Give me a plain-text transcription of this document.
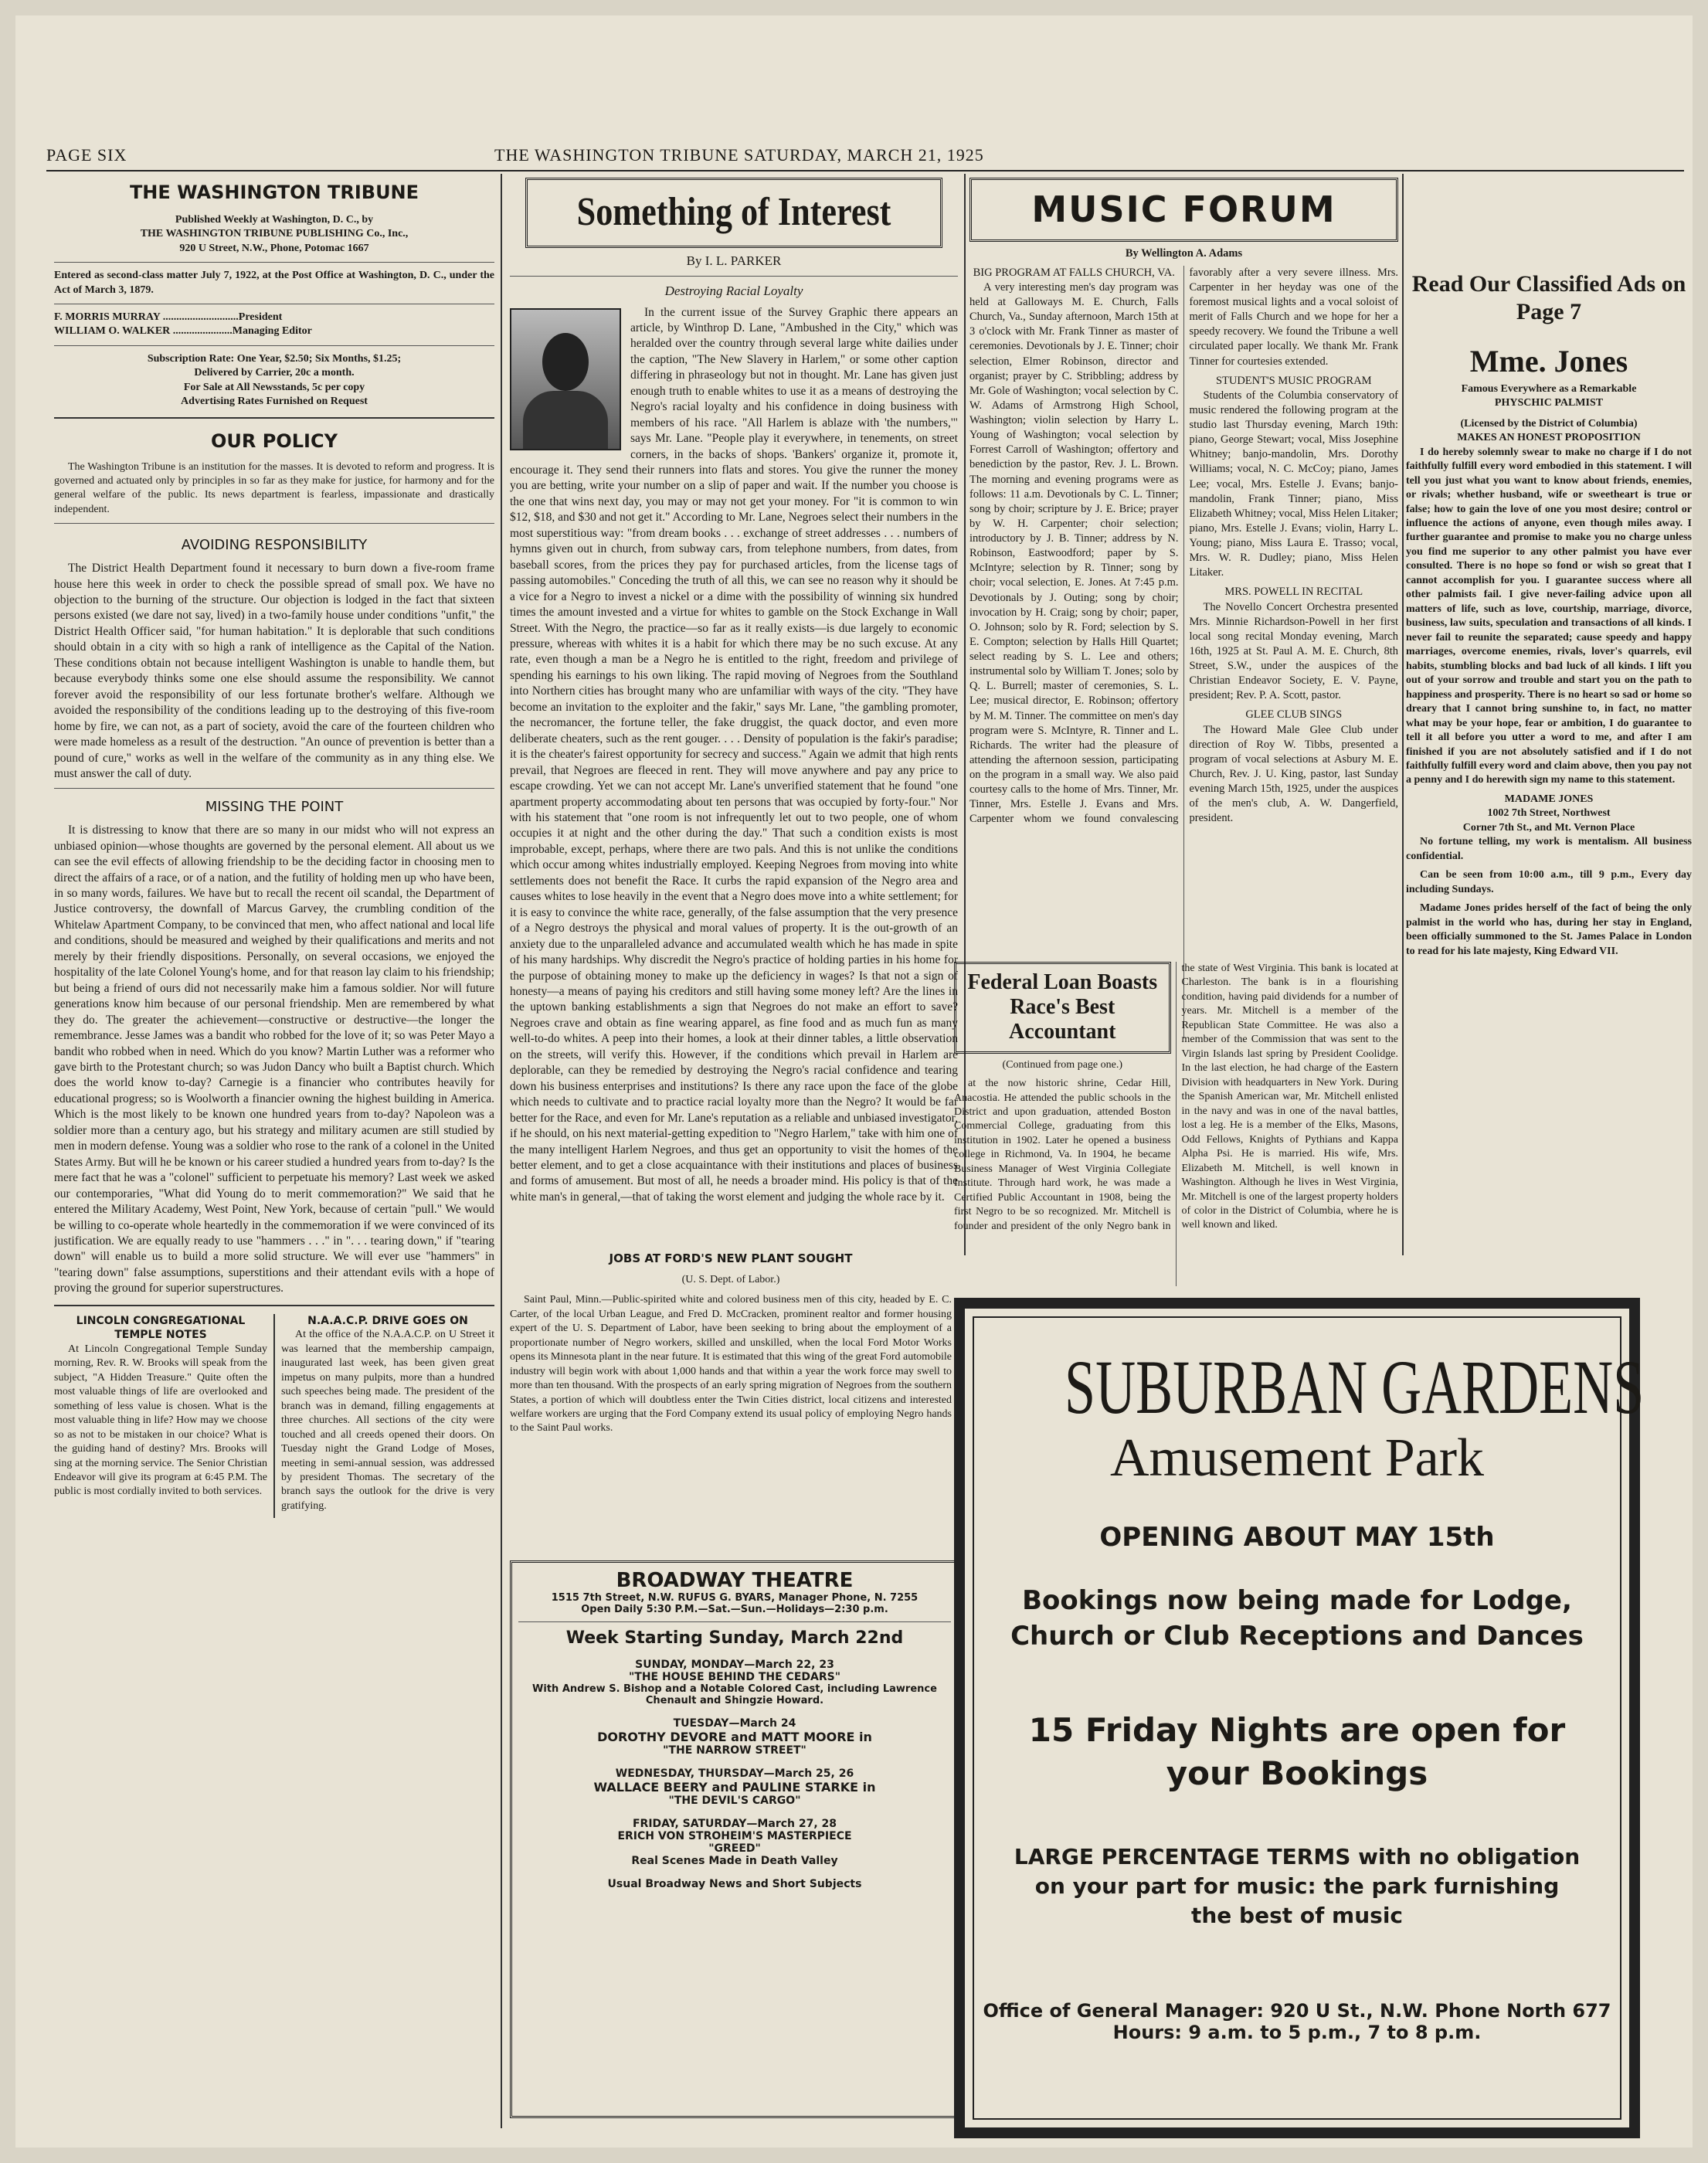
PAGE SIX	THE WASHINGTON TRIBUNE SATURDAY, MARCH 21, 1925
THE WASHINGTON TRIBUNE
Published Weekly at Washington, D. C., by
THE WASHINGTON TRIBUNE PUBLISHING Co., Inc.,
920 U Street, N.W., Phone, Potomac 1667
Entered as second-class matter July 7, 1922, at the Post Office at Washington, D. C., under the Act of March 3, 1879.
F. MORRIS MURRAY ............................President
WILLIAM O. WALKER ......................Managing Editor
Subscription Rate: One Year, $2.50; Six Months, $1.25;
Delivered by Carrier, 20c a month.
For Sale at All Newsstands, 5c per copy
Advertising Rates Furnished on Request
OUR POLICY

The Washington Tribune is an institution for the masses. It is devoted to reform and progress. It is governed and actuated only by principles in so far as they make for justice, for harmony and for the general welfare of the public. Its news department is fearless, impassionate and drastically independent.

AVOIDING RESPONSIBILITY

The District Health Department found it necessary to burn down a five-room frame house here this week in order to check the possible spread of small pox. We have no objection to the burning of the structure. Our objection is lodged in the fact that sixteen persons existed (we dare not say, lived) in a two-family house under conditions "unfit," the District Health Officer said, "for human habitation." It is deplorable that such conditions should obtain in a city with so high a rank of intelligence as the Capital of the Nation. These conditions obtain not because intelligent Washington is unable to handle them, but because everybody thinks some one else should assume the responsibility. We cannot forever avoid the responsibility of our less fortunate brother's welfare. Although we avoided the responsibility of the conditions leading up to the destroying of this five-room home by fire, we can not, as a part of society, avoid the care of the fourteen children who were made homeless as a result of the destruction. "An ounce of prevention is better than a pound of cure," works as well in the welfare of the community as in any thing else. We must answer the call of duty.

MISSING THE POINT

It is distressing to know that there are so many in our midst who will not express an unbiased opinion—whose thoughts are governed by the personal element. All about us we can see the evil effects of allowing friendship to be the deciding factor in choosing men to direct the affairs of a race, or of a nation, and the futility of holding men up who have been, in so many words, failures. We have but to recall the recent oil scandal, the Department of Justice controversy, the downfall of Marcus Garvey, the crumbling condition of the Whitelaw Apartment Company, to be convinced that men, who affect national and local life and conditions, should be measured and weighed by their qualifications and merits and not merely by their friendly dispositions. Personally, on several occasions, we enjoyed the hospitality of the late Colonel Young's home, and for that reason lay claim to his friendship; but being a friend of ours did not necessarily make him a famous soldier. Nor will future generations know him because of our personal friendship. Men are remembered by what they do. The greater the achievement—constructive or destructive—the longer the remembrance. Jesse James was a bandit who robbed for the love of it; so was Peter Mayo a bandit who robbed when in need. Which do you know? Martin Luther was a reformer who gave birth to the Protestant church; so was Judon Dancy who built a Baptist church. Which does the world know to-day? Carnegie is a financier who contributes heavily for educational progress; so is Woolworth a financier owning the highest building in America. Which is the most likely to be known one hundred years from to-day? Napoleon was a soldier more than a century ago, but his strategy and military acumen are still studied by men in modern defense. Young was a soldier who rose to the rank of a colonel in the United States Army. But will he be known or his career studied a hundred years from to-day? Is the mere fact that he was a "colonel" sufficient to perpetuate his memory? Last week we asked our contemporaries, "What did Young do to merit commemoration?" We said that he entered the Military Academy, West Point, New York, because of certain "pull." We would be willing to co-operate whole heartedly in the commemoration if we were convinced of its justification. We are equally ready to use "hammers . . ." in ". . . tearing down," if "tearing down" will enable us to build a more solid structure. We will ever use "hammers" in "tearing down" false assumptions, superstitions and their attendant evils with a hope of proving the ground for superior superstructures.

LINCOLN CONGREGATIONAL TEMPLE NOTES

At Lincoln Congregational Temple Sunday morning, Rev. R. W. Brooks will speak from the subject, "A Hidden Treasure." Quite often the most valuable things of life are overlooked and something of less value is chosen. What is the most valuable thing in life? How may we choose so as not to be mistaken in our choice? What is the guiding hand of destiny? Mrs. Brooks will sing at the morning service. The Senior Christian Endeavor will give its program at 6:45 P.M. The public is most cordially invited to both services.

N.A.A.C.P. DRIVE GOES ON

At the office of the N.A.A.C.P. on U Street it was learned that the membership campaign, inaugurated last week, has been given great impetus on many pulpits, more than a hundred such speeches being made. The president of the branch was in demand, filling engagements at three churches. All sections of the city were touched and all creeds opened their doors. On Tuesday night the Grand Lodge of Moses, meeting in semi-annual session, was addressed by president Thomas. The secretary of the branch says the outlook for the drive is very gratifying.

Something of Interest
By I. L. PARKER
Destroying Racial Loyalty

In the current issue of the Survey Graphic there appears an article, by Winthrop D. Lane, "Ambushed in the City," which was heralded over the country through several large white dailies under the caption, "The New Slavery in Harlem," or some other caption differing in phraseology but not in thought. Mr. Lane has given just enough truth to enable whites to use it as a means of destroying the Negro's racial loyalty and his confidence in doing business with members of his race. "All Harlem is ablaze with 'the numbers,'" says Mr. Lane. "People play it everywhere, in tenements, on street corners, in the backs of shops. 'Bankers' organize it, promote it, encourage it. They send their runners into flats and stores. You give the runner the money you are betting, write your number on a slip of paper and wait. If the number you choose is the one that wins next day, you may or may not get your money. For "it is common to win $12, $18, and $30 and not get it." According to Mr. Lane, Negroes select their numbers in the most superstitious way: "from dream books . . . exchange of street addresses . . . numbers of hymns given out in church, from subway cars, from telephone numbers, from dates, from baseball scores, from the prices they pay for purchased articles, from the license tags of passing automobiles." Conceding the truth of all this, we can see no reason why it should be a vice for a Negro to invest a nickel or a dime with the possibility of winning six hundred times the amount invested and a virtue for whites to gamble on the Stock Exchange in Wall Street. With the Negro, the practice—so far as it really exists—is due largely to economic pressure, whereas with whites it is a habit for which there may be no such excuse. At any rate, even though a man be a Negro he is entitled to the right, freedom and privilege of spending his earnings to his own liking. The rapid moving of Negroes from the Southland into Northern cities has brought many who are unfamiliar with ways of the city. "They have become an invitation to the exploiter and the fakir," says Mr. Lane, "the gambling promoter, the necromancer, the fortune teller, the fake druggist, the quack doctor, and even more deliberate cheaters, such as the rent gouger. . . . Density of population is the fakir's paradise; it is the cheater's fairest opportunity for secrecy and success." Again we admit that high rents prevail, that Negroes are fleeced in rent. They will move anywhere and pay any price to escape crowding. Yet we can not accept Mr. Lane's unverified statement that he found "one apartment property accommodating about ten persons that was occupied by forty-four." Nor with his statement that "one room is not infrequently let out to two people, one of whom occupies it at night and the other during the day." That such a condition exists is most improbable, except, perhaps, where there are two pals. And this is not unlike the conditions which occur among whites industrially employed. Keeping Negroes from moving into white settlements does not benefit the Race. It curbs the rapid expansion of the Negro area and causes whites to lose heavily in the event that a Negro does move into a white settlement; for it is easy to convince the white race, generally, of the false assumption that the very presence of a Negro destroys the physical and moral values of property. It is the out-growth of an anxiety due to the unparalleled advance and accumulated wealth which he has made in spite of his many hardships. Why discredit the Negro's practice of holding parties in his home for the purpose of obtaining money to make up the deficiency in wages? Is that not a sign of honesty—a means of paying his creditors and still having some money left? Are the lines in the uptown banking establishments a sign that Negroes do not make an effort to save? Negroes crave and obtain as fine wearing apparel, as fine food and as much fun as many well-to-do whites. A peep into their homes, a look at their dinner tables, a little observation on the streets, will verify this. However, if the conditions which prevail in Harlem are deplorable, can they be remedied by destroying the Negro's racial confidence and tearing down his business enterprises and institutions? Is there any race upon the face of the globe which needs to cultivate and to practice racial loyalty more than the Negro? It would be far better for the Race, and even for Mr. Lane's reputation as a reliable and unbiased investigator, if he should, on his next material-getting expedition to "Negro Harlem," take with him one of the many intelligent Harlem Negroes, and thus get an opportunity to visit the homes of the better element, and to get a close acquaintance with their institutions and places of business and forms of amusement. But most of all, he needs a broader mind. His policy is that of the white man's in general,—that of taking the worst element and judging the whole race by it.

JOBS AT FORD'S NEW PLANT SOUGHT
(U. S. Dept. of Labor.)

Saint Paul, Minn.—Public-spirited white and colored business men of this city, headed by E. C. Carter, of the local Urban League, and Fred D. McCracken, prominent realtor and former housing expert of the U. S. Department of Labor, have been seeking to bring about the employment of a proportionate number of Negro workers, skilled and unskilled, when the local Ford Motor Works opens its Minnesota plant in the near future. It is estimated that this wing of the great Ford automobile industry will begin work with about 1,000 hands and that within a year the work force may swell to more than ten thousand. With the prospects of an early spring migration of Negroes from the southern States, a portion of which will doubtless enter the Twin Cities district, local citizens and interested welfare workers are urging that the Ford Company extend its usual policy of employing Negro hands to the Saint Paul works.

BROADWAY THEATRE
1515 7th Street, N.W. RUFUS G. BYARS, Manager Phone, N. 7255
Open Daily 5:30 P.M.—Sat.—Sun.—Holidays—2:30 p.m.
Week Starting Sunday, March 22nd
SUNDAY, MONDAY—March 22, 23
"THE HOUSE BEHIND THE CEDARS"
With Andrew S. Bishop and a Notable Colored Cast, including Lawrence Chenault and Shingzie Howard.
TUESDAY—March 24
DOROTHY DEVORE and MATT MOORE in
"THE NARROW STREET"
WEDNESDAY, THURSDAY—March 25, 26
WALLACE BEERY and PAULINE STARKE in
"THE DEVIL'S CARGO"
FRIDAY, SATURDAY—March 27, 28
ERICH VON STROHEIM'S MASTERPIECE
"GREED"
Real Scenes Made in Death Valley
Usual Broadway News and Short Subjects
MUSIC FORUM
By Wellington A. Adams
BIG PROGRAM AT FALLS CHURCH, VA.

A very interesting men's day program was held at Galloways M. E. Church, Falls Church, Va., Sunday afternoon, March 15th at 3 o'clock with Mr. Frank Tinner as master of ceremonies. Devotionals by J. E. Tinner; choir selection, Elmer Robinson, director and organist; prayer by C. Stribbling; address by Mr. Gole of Washington; vocal selection by C. W. Adams of Armstrong High School, Washington; violin selection by Harry L. Young of Washington; vocal selection by Forrest Carroll of Washington; offertory and benediction by the pastor, Rev. J. L. Brown. The morning and evening programs were as follows: 11 a.m. Devotionals by C. L. Tinner; song by choir; scripture by J. E. Brice; prayer by W. H. Carpenter; choir selection; introductory by J. B. Tinner; address by N. Robinson, Eastwoodford; paper by S. McIntyre; selection by R. Tinner; song by choir; vocal selection, E. Jones. At 7:45 p.m. Devotionals by J. Outing; song by choir; invocation by H. Craig; song by choir; paper, O. Johnson; solo by R. Ford; selection by S. E. Compton; selection by Halls Hill Quartet; select reading by S. L. Lee and others; instrumental solo by William T. Jones; solo by Q. L. Burrell; master of ceremonies, S. L. Lee; musical director, E. Robinson; offertory by M. M. Tinner. The committee on men's day program were S. McIntyre, R. Tinner and L. Richards. The writer had the pleasure of attending the afternoon session, participating on the program in a small way. We also paid courtesy calls to the home of Mrs. Tinner, Mr. Tinner, Mrs. Estelle J. Evans and Mrs. Carpenter whom we found convalescing favorably after a very severe illness. Mrs. Carpenter in her heyday was one of the foremost musical lights and a vocal soloist of merit of Falls Church and we hope for her a speedy recovery. We found the Tribune a well circulated paper locally. We thank Mr. Frank Tinner for courtesies extended.

STUDENT'S MUSIC PROGRAM

Students of the Columbia conservatory of music rendered the following program at the studio last Thursday evening, March 19th: piano, George Stewart; vocal, Miss Josephine Whitney; banjo-mandolin, Mrs. Dorothy Williams; vocal, N. C. McCoy; piano, James Lee; vocal, Mrs. Estelle J. Evans; banjo-mandolin, Frank Tinner; piano, Miss Elizabeth Whitney; vocal, Miss Helen Litaker; piano, Mrs. Estelle J. Evans; violin, Harry L. Young; piano, Miss Laura E. Trasso; vocal, Mrs. W. R. Dudley; piano, Miss Helen Litaker.

MRS. POWELL IN RECITAL

The Novello Concert Orchestra presented Mrs. Minnie Richardson-Powell in her first local song recital Monday evening, March 16th, 1925 at St. Paul A. M. E. Church, 8th Street, S.W., under the auspices of the Christian Endeavor Society, E. V. Payne, president; Rev. P. A. Scott, pastor.

GLEE CLUB SINGS

The Howard Male Glee Club under direction of Roy W. Tibbs, presented a program of vocal selections at Asbury M. E. Church, Rev. J. U. King, pastor, last Sunday evening March 15th, 1925, under the auspices of the men's club, A. W. Dangerfield, president.

Federal Loan Boasts Race's Best Accountant
(Continued from page one.)

at the now historic shrine, Cedar Hill, Anacostia. He attended the public schools in the District and upon graduation, attended Boston Commercial College, graduating from this institution in 1902. Later he opened a business college in Richmond, Va. In 1904, he became Business Manager of West Virginia Collegiate Institute. Through hard work, he was made a Certified Public Accountant in 1908, being the first Negro to be so recognized. Mr. Mitchell is founder and president of the only Negro bank in the state of West Virginia. This bank is located at Charleston. The bank is in a flourishing condition, having paid dividends for a number of years. Mr. Mitchell is a member of the Republican State Committee. He was also a member of the Commission that was sent to the Virgin Islands last spring by President Coolidge. In the last election, he had charge of the Eastern Division with headquarters in New York. During the Spanish American war, Mr. Mitchell enlisted in the navy and was in one of the naval battles, lost a leg. He is a member of the Elks, Masons, Odd Fellows, Knights of Pythians and Kappa Alpha Psi. He is married. His wife, Mrs. Elizabeth M. Mitchell, is well known in Washington. Although he lives in West Virginia, Mr. Mitchell is one of the largest property holders of color in the District of Columbia, where he is well known and liked.

Read Our Classified Ads on Page 7
Mme. Jones
Famous Everywhere as a Remarkable
PHYSCHIC PALMIST
(Licensed by the District of Columbia)
MAKES AN HONEST PROPOSITION

I do hereby solemnly swear to make no charge if I do not faithfully fulfill every word embodied in this statement. I will tell you just what you want to know about friends, enemies, or rivals; whether husband, wife or sweetheart is true or false; how to gain the love of one you most desire; control or influence the actions of anyone, even though miles away. I further guarantee and promise to make you no charge unless you find me superior to any other palmist you have ever consulted. There is no hope so fond or wish so great that I cannot accomplish for you. I guarantee success where all other palmists fail. I give never-failing advice upon all matters of life, such as love, courtship, marriage, divorce, business, law suits, speculation and transactions of all kinds. I never fail to reunite the separated; cause speedy and happy marriages, overcome enemies, rivals, lover's quarrels, evil habits, stumbling blocks and bad luck of all kinds. I lift you out of your sorrow and trouble and start you on the path to happiness and prosperity. There is no heart so sad or home so dreary that I cannot bring sunshine to, in fact, no matter what may be your hope, fear or ambition, I do guarantee to tell it all before you utter a word to me, and after I am finished if you are not absolutely satisfied and if I do not faithfully fulfill every word and claim above, then you pay not a penny and I do herewith sign my name to this statement.

MADAME JONES
1002 7th Street, Northwest
Corner 7th St., and Mt. Vernon Place

No fortune telling, my work is mentalism. All business confidential.

Can be seen from 10:00 a.m., till 9 p.m., Every day including Sundays.

Madame Jones prides herself of the fact of being the only palmist in the world who has, during her stay in England, been officially summoned to the St. James Palace in London to read for his late majesty, King Edward VII.

SUBURBAN GARDENS
Amusement Park
OPENING ABOUT MAY 15th
Bookings now being made for Lodge, Church or Club Receptions and Dances
15 Friday Nights are open for your Bookings
LARGE PERCENTAGE TERMS with no obligation on your part for music: the park furnishing the best of music
Office of General Manager: 920 U St., N.W. Phone North 677
Hours: 9 a.m. to 5 p.m., 7 to 8 p.m.
